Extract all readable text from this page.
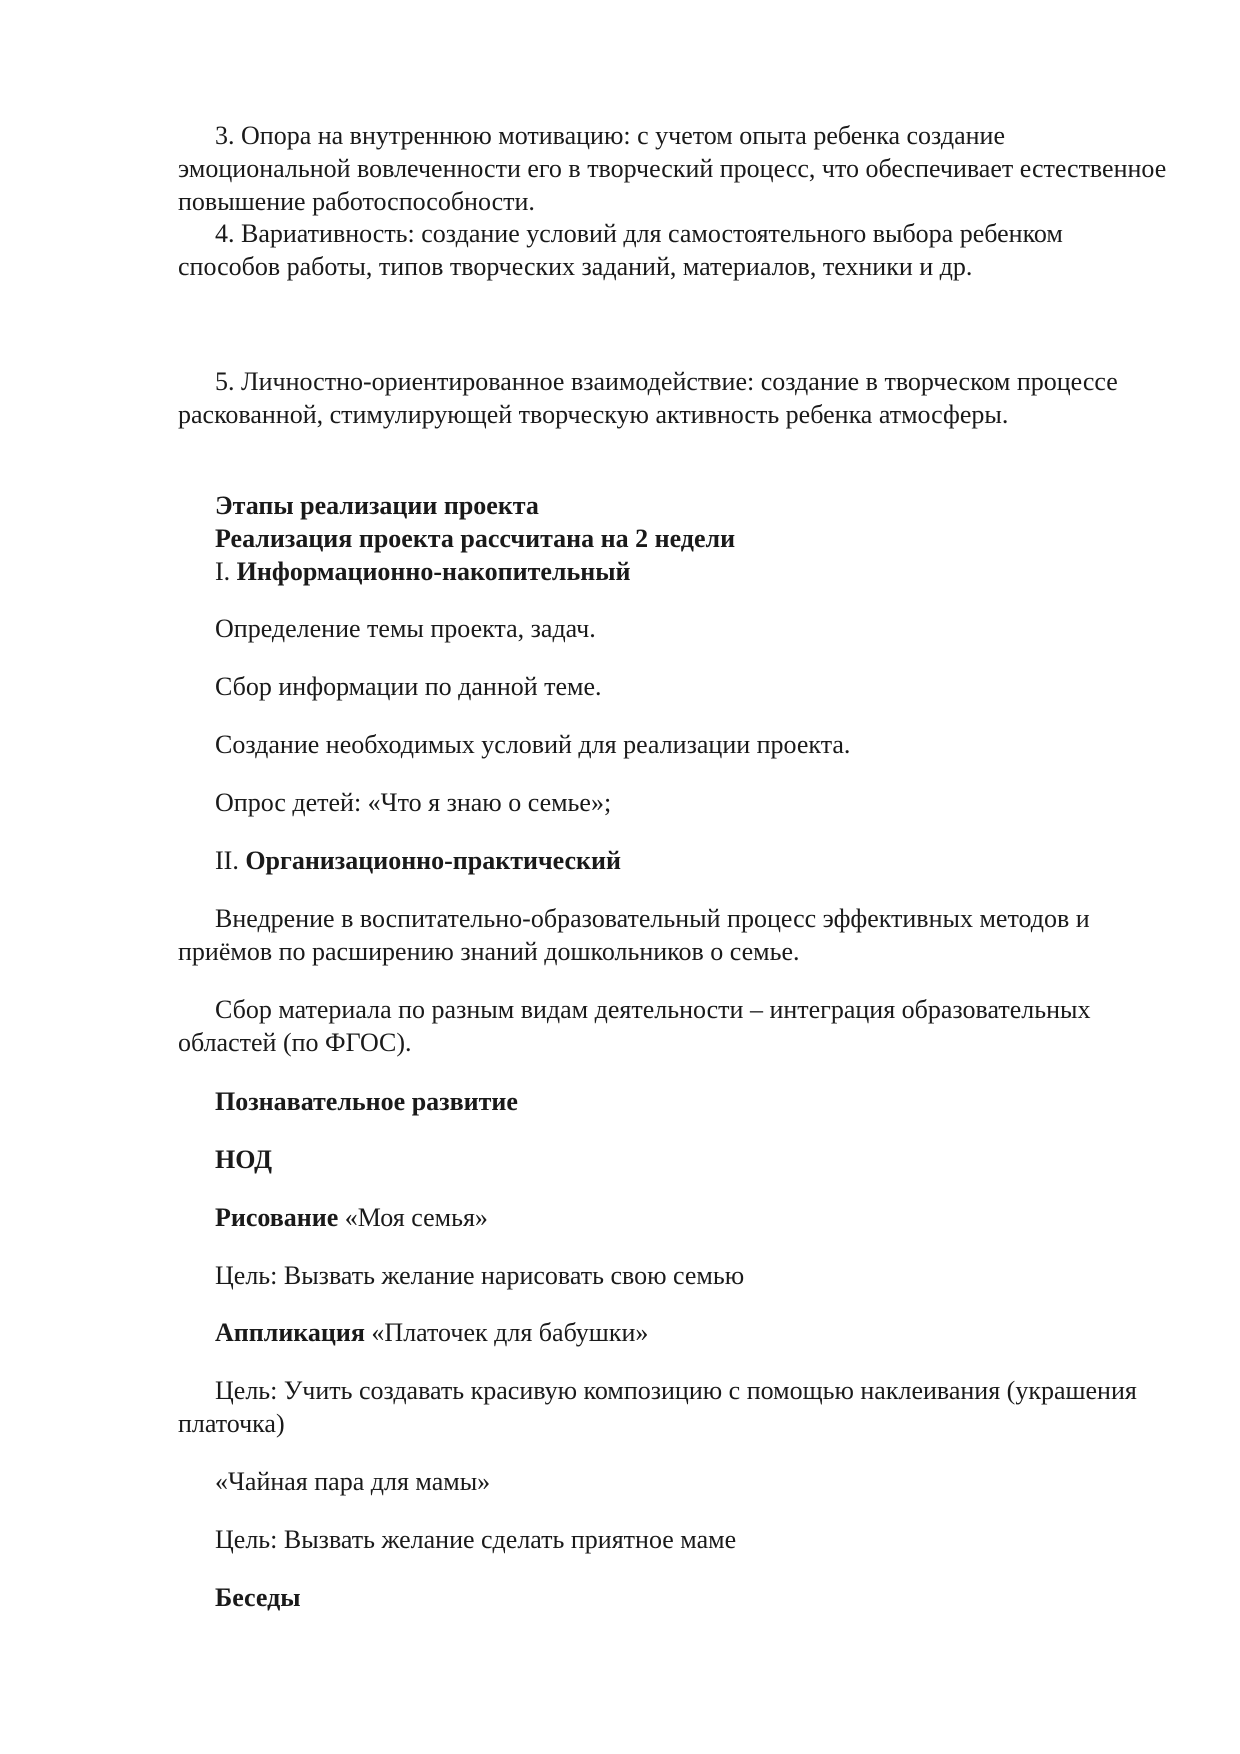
3. Опора на внутреннюю мотивацию: с учетом опыта ребенка создание эмоциональной вовлеченности его в творческий процесс, что обеспечивает естественное повышение работоспособности.

4. Вариативность: создание условий для самостоятельного выбора ребенком способов работы, типов творческих заданий, материалов, техники и др.

5. Личностно-ориентированное взаимодействие: создание в творческом процессе раскованной, стимулирующей творческую активность ребенка атмосферы.

Этапы реализации проекта

Реализация проекта рассчитана на 2 недели

I. Информационно-накопительный

Определение темы проекта, задач.

Сбор информации по данной теме.

Создание необходимых условий для реализации проекта.

Опрос детей: «Что я знаю о семье»;

II. Организационно-практический

Внедрение в воспитательно-образовательный процесс эффективных методов и приёмов по расширению знаний дошкольников о семье.

Сбор материала по разным видам деятельности – интеграция образовательных областей (по ФГОС).

Познавательное развитие

НОД

Рисование «Моя семья»

Цель: Вызвать желание нарисовать свою семью

Аппликация «Платочек для бабушки»

Цель: Учить создавать красивую композицию с помощью наклеивания (украшения платочка)

«Чайная пара для мамы»

Цель: Вызвать желание сделать приятное маме

Беседы
